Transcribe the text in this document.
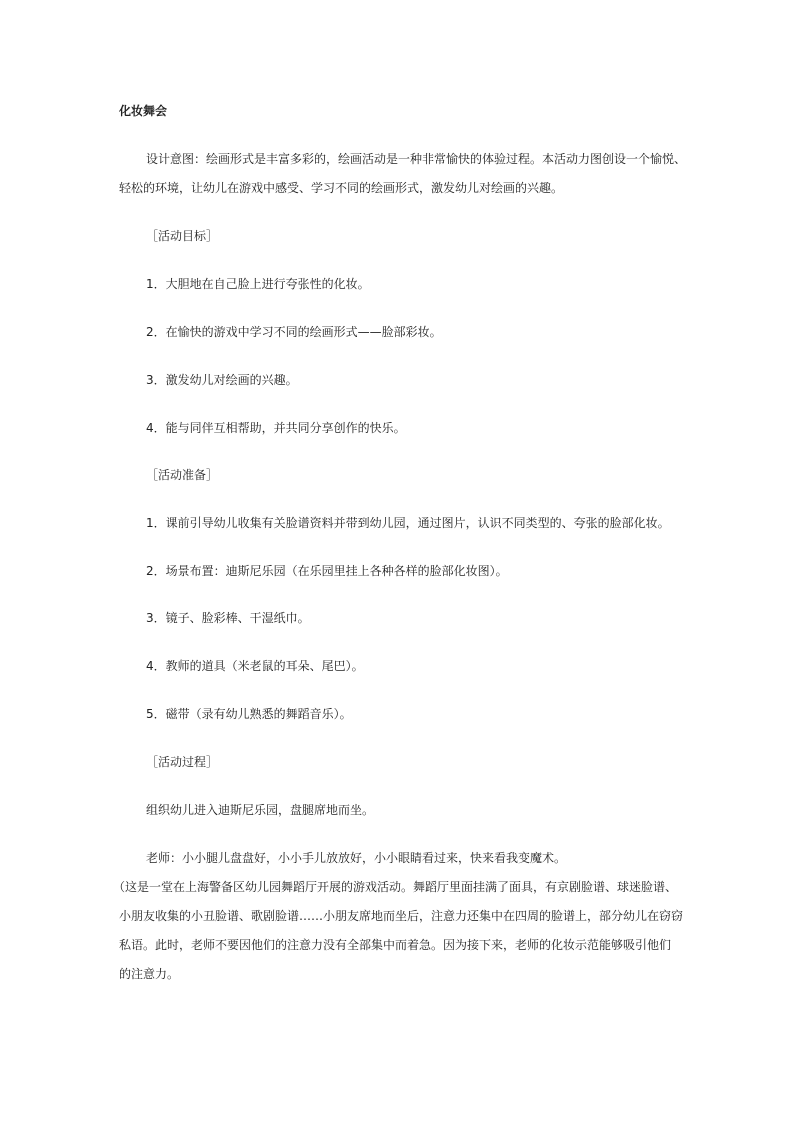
化妆舞会
设计意图：绘画形式是丰富多彩的，绘画活动是一种非常愉快的体验过程。本活动力图创设一个愉悦、
轻松的环境，让幼儿在游戏中感受、学习不同的绘画形式，激发幼儿对绘画的兴趣。
［活动目标］
1．大胆地在自己脸上进行夸张性的化妆。
2．在愉快的游戏中学习不同的绘画形式——脸部彩妆。
3．激发幼儿对绘画的兴趣。
4．能与同伴互相帮助，并共同分享创作的快乐。
［活动准备］
1．课前引导幼儿收集有关脸谱资料并带到幼儿园，通过图片，认识不同类型的、夸张的脸部化妆。
2．场景布置：迪斯尼乐园（在乐园里挂上各种各样的脸部化妆图）。
3．镜子、脸彩棒、干湿纸巾。
4．教师的道具（米老鼠的耳朵、尾巴）。
5．磁带（录有幼儿熟悉的舞蹈音乐）。
［活动过程］
组织幼儿进入迪斯尼乐园，盘腿席地而坐。
老师：小小腿儿盘盘好，小小手儿放放好，小小眼睛看过来，快来看我变魔术。
（这是一堂在上海警备区幼儿园舞蹈厅开展的游戏活动。舞蹈厅里面挂满了面具，有京剧脸谱、球迷脸谱、
小朋友收集的小丑脸谱、歌剧脸谱……小朋友席地而坐后，注意力还集中在四周的脸谱上，部分幼儿在窃窃
私语。此时，老师不要因他们的注意力没有全部集中而着急。因为接下来，老师的化妆示范能够吸引他们
的注意力。
